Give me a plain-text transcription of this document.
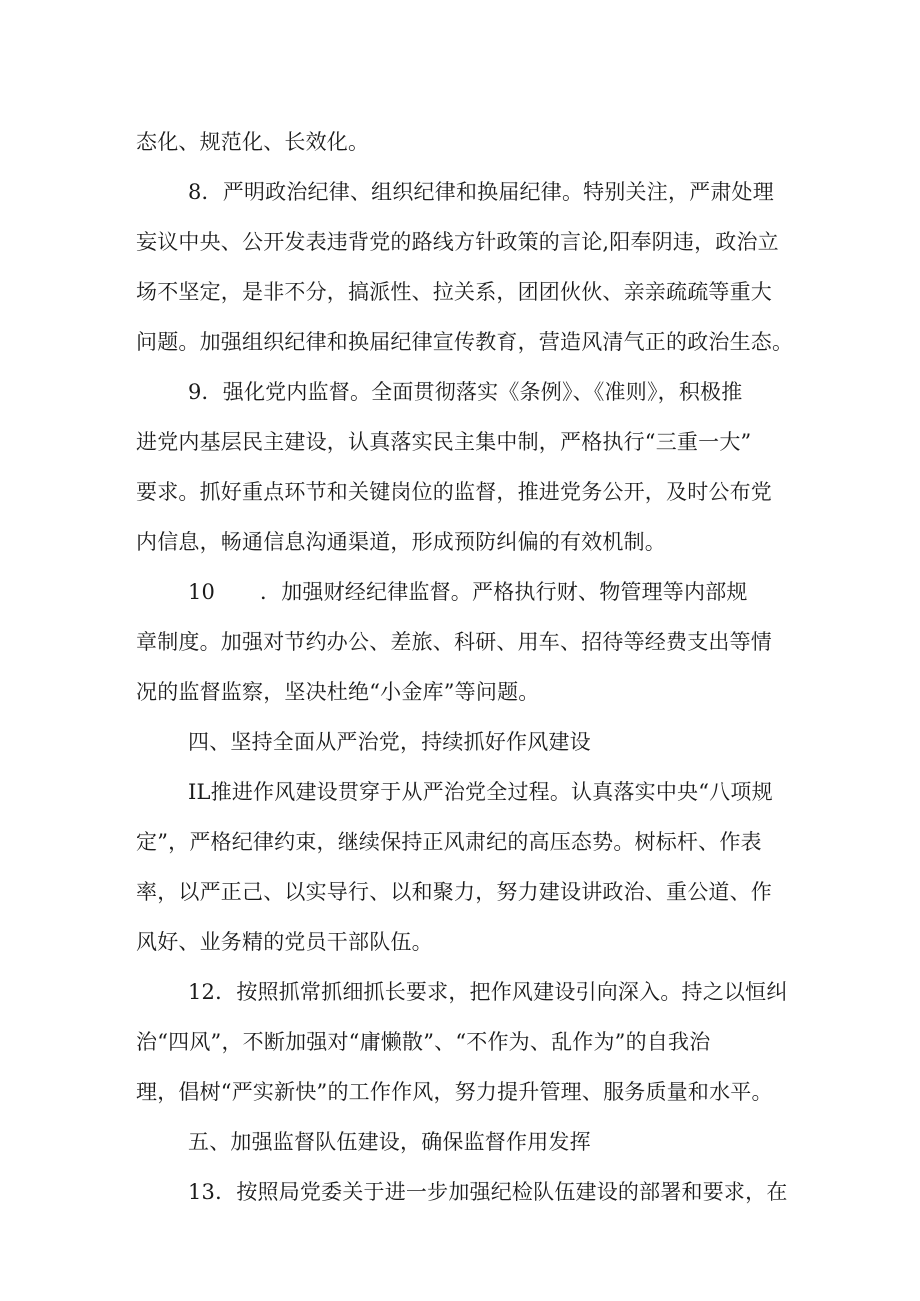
态化、规范化、长效化。
8．严明政治纪律、组织纪律和换届纪律。特别关注，严肃处理
妄议中央、公开发表违背党的路线方针政策的言论,阳奉阴违，政治立
场不坚定，是非不分，搞派性、拉关系，团团伙伙、亲亲疏疏等重大
问题。加强组织纪律和换届纪律宣传教育，营造风清气正的政治生态。
9．强化党内监督。全面贯彻落实《条例》、《准则》，积极推
进党内基层民主建设，认真落实民主集中制，严格执行“三重一大”
要求。抓好重点环节和关键岗位的监督，推进党务公开，及时公布党
内信息，畅通信息沟通渠道，形成预防纠偏的有效机制。
10 ．加强财经纪律监督。严格执行财、物管理等内部规
章制度。加强对节约办公、差旅、科研、用车、招待等经费支出等情
况的监督监察，坚决杜绝“小金库”等问题。
四、坚持全面从严治党，持续抓好作风建设
IL推进作风建设贯穿于从严治党全过程。认真落实中央“八项规
定”，严格纪律约束，继续保持正风肃纪的高压态势。树标杆、作表
率，以严正己、以实导行、以和聚力，努力建设讲政治、重公道、作
风好、业务精的党员干部队伍。
12．按照抓常抓细抓长要求，把作风建设引向深入。持之以恒纠
治“四风”，不断加强对“庸懒散”、“不作为、乱作为”的自我治
理，倡树“严实新快”的工作作风，努力提升管理、服务质量和水平。
五、加强监督队伍建设，确保监督作用发挥
13．按照局党委关于进一步加强纪检队伍建设的部署和要求，在
